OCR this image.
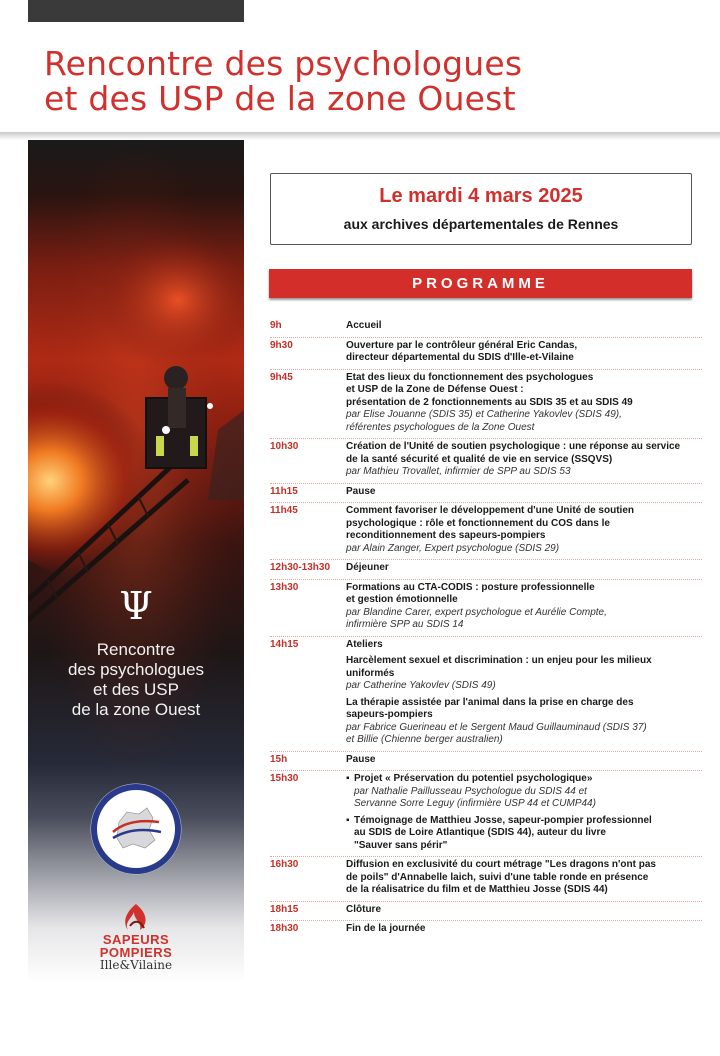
Rencontre des psychologues
et des USP de la zone Ouest
Ψ
Rencontre
des psychologues
et des USP
de la zone Ouest
ÉTAT-MAJOR INTERMINISTÉRIEL DE ZO
PRÉFECTURE DE ZONE OUEST
SAPEURS
POMPIERS
Ille&Vilaine
Le mardi 4 mars 2025
aux archives départementales de Rennes
PROGRAMME
9h	Accueil
9h30	Ouverture par le contrôleur général Eric Candas,
directeur départemental du SDIS d'Ille-et-Vilaine
9h45	Etat des lieux du fonctionnement des psychologues
et USP de la Zone de Défense Ouest :
présentation de 2 fonctionnements au SDIS 35 et au SDIS 49
par Elise Jouanne (SDIS 35) et Catherine Yakovlev (SDIS 49),
référentes psychologues de la Zone Ouest
10h30	Création de l'Unité de soutien psychologique : une réponse au service
de la santé sécurité et qualité de vie en service (SSQVS)
par Mathieu Trovallet, infirmier de SPP au SDIS 53
11h15	Pause
11h45	Comment favoriser le développement d'une Unité de soutien
psychologique : rôle et fonctionnement du COS dans le
reconditionnement des sapeurs-pompiers
par Alain Zanger, Expert psychologue (SDIS 29)
12h30-13h30	Déjeuner
13h30	Formations au CTA-CODIS : posture professionnelle
et gestion émotionnelle
par Blandine Carer, expert psychologue et Aurélie Compte,
infirmière SPP au SDIS 14
14h15	Ateliers
Harcèlement sexuel et discrimination : un enjeu pour les milieux
uniformés
par Catherine Yakovlev (SDIS 49)
La thérapie assistée par l'animal dans la prise en charge des
sapeurs-pompiers
par Fabrice Guerineau et le Sergent Maud Guillauminaud (SDIS 37)
et Billie (Chienne berger australien)
15h	Pause
15h30	▪ Projet « Préservation du potentiel psychologique»
par Nathalie Paillusseau Psychologue du SDIS 44 et
Servanne Sorre Leguy (infirmière USP 44 et CUMP44)
▪ Témoignage de Matthieu Josse, sapeur-pompier professionnel
au SDIS de Loire Atlantique (SDIS 44), auteur du livre
"Sauver sans périr"
16h30	Diffusion en exclusivité du court métrage "Les dragons n'ont pas
de poils" d'Annabelle laich, suivi d'une table ronde en présence
de la réalisatrice du film et de Matthieu Josse (SDIS 44)
18h15	Clôture
18h30	Fin de la journée
